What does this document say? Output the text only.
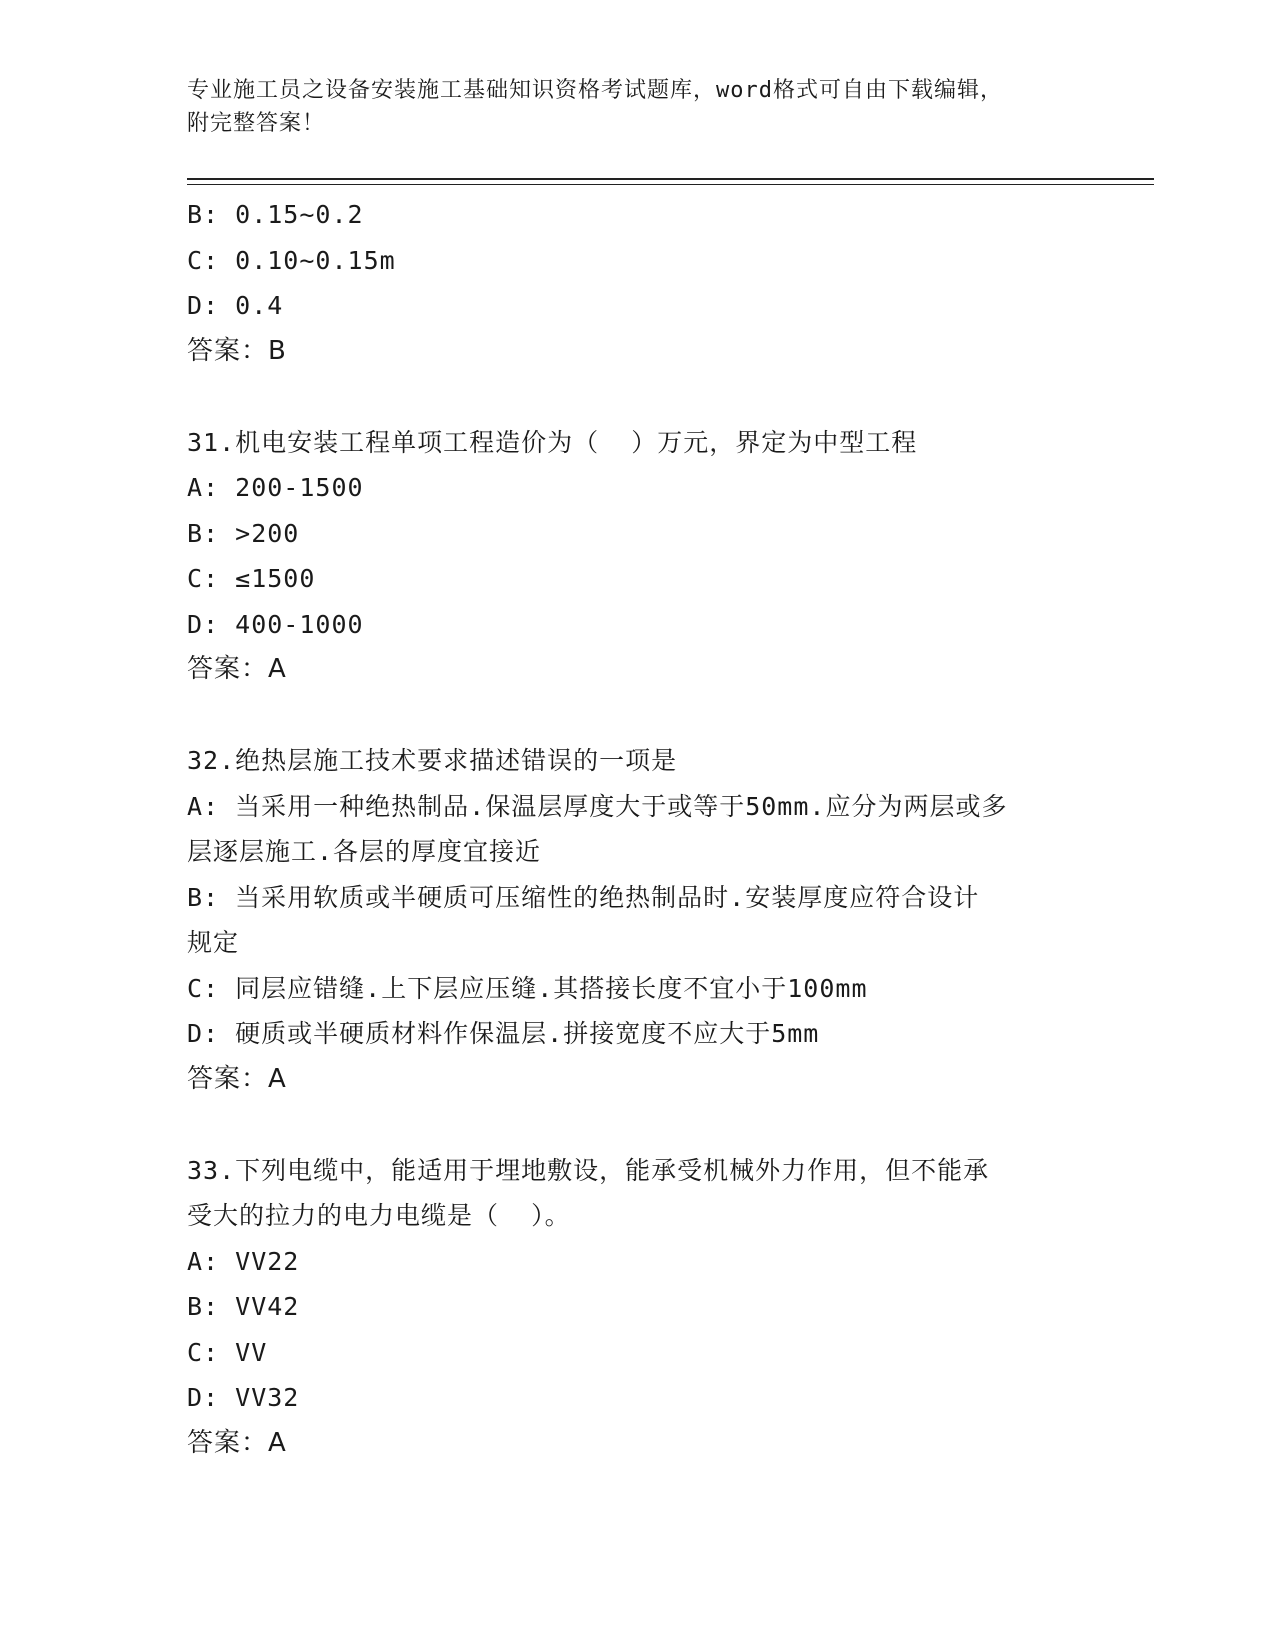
专业施工员之设备安装施工基础知识资格考试题库，word格式可自由下载编辑，
附完整答案！
B: 0.15~0.2
C: 0.10~0.15m
D: 0.4
答案：B
31.机电安装工程单项工程造价为（  ）万元，界定为中型工程
A: 200-1500
B: >200
C: ≤1500
D: 400-1000
答案：A
32.绝热层施工技术要求描述错误的一项是
A: 当采用一种绝热制品.保温层厚度大于或等于50mm.应分为两层或多
层逐层施工.各层的厚度宜接近
B: 当采用软质或半硬质可压缩性的绝热制品时.安装厚度应符合设计
规定
C: 同层应错缝.上下层应压缝.其搭接长度不宜小于100mm
D: 硬质或半硬质材料作保温层.拼接宽度不应大于5mm
答案：A
33.下列电缆中，能适用于埋地敷设，能承受机械外力作用，但不能承
受大的拉力的电力电缆是（  ）。
A: VV22
B: VV42
C: VV
D: VV32
答案：A
